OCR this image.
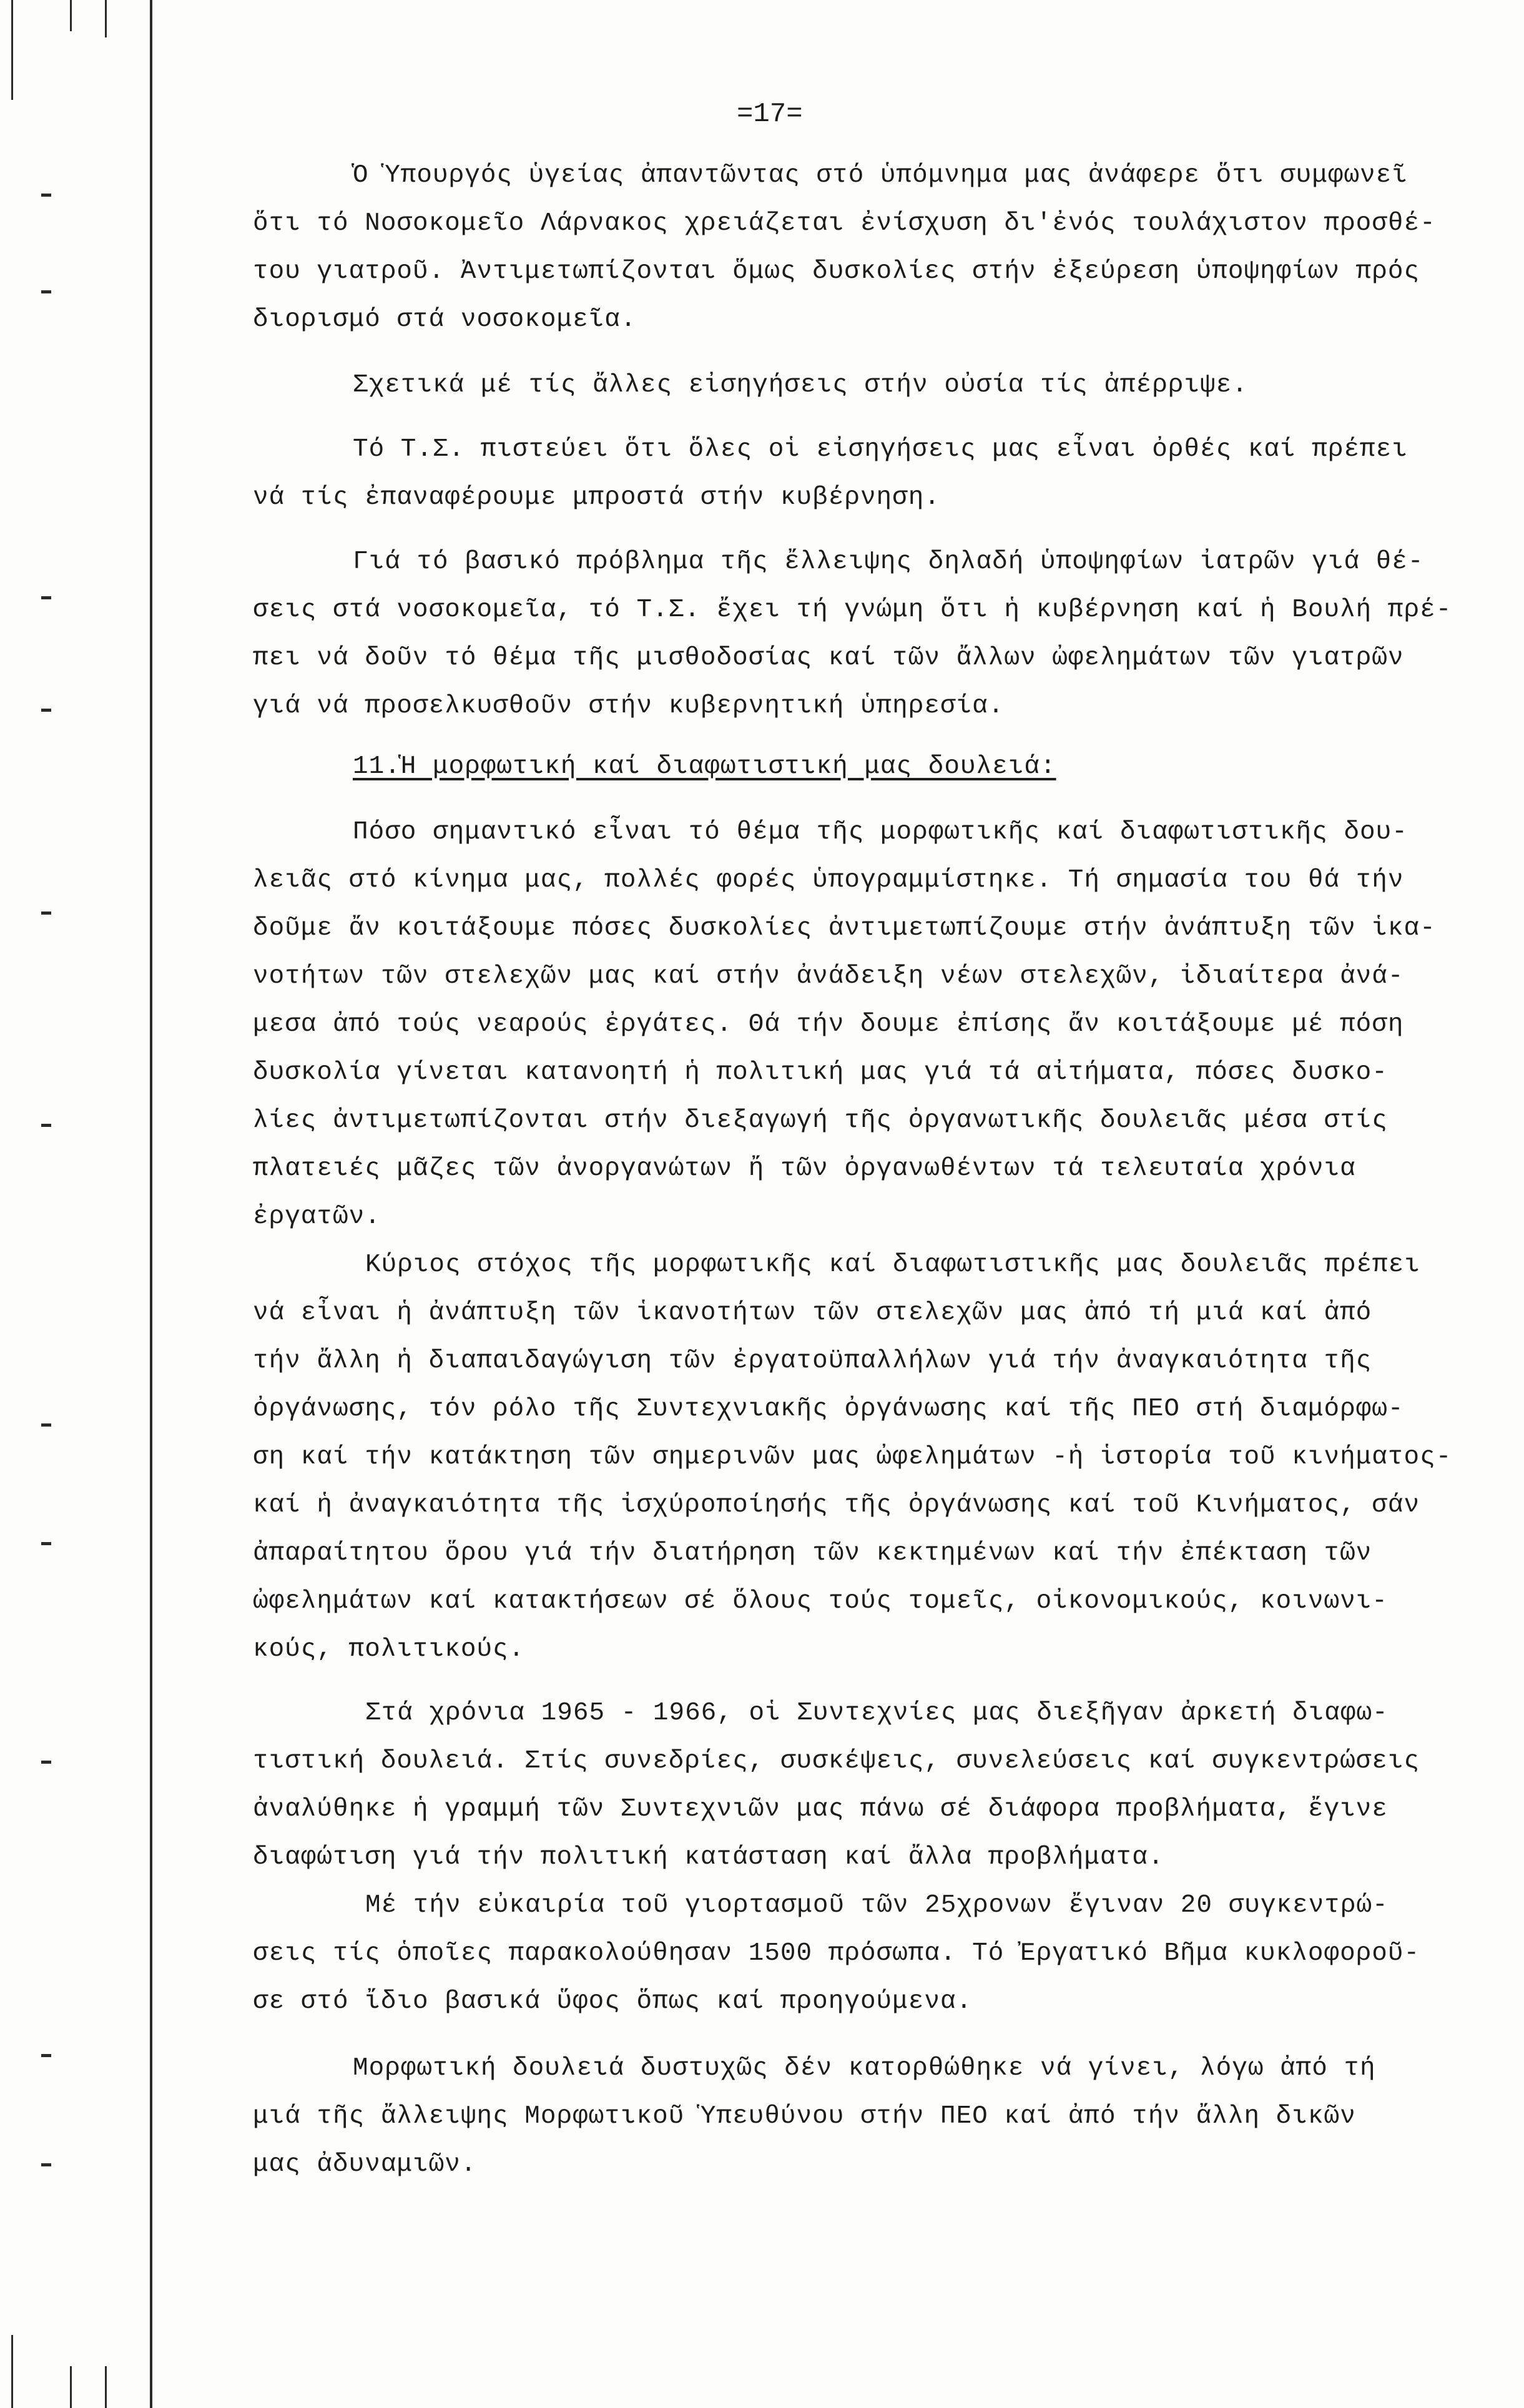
=17=
Ὁ Ὑπουργός ὑγείας ἀπαντῶντας στό ὑπόμνημα μας ἀνάφερε ὅτι συμφωνεῖ
ὅτι τό Νοσοκομεῖο Λάρνακος χρειάζεται ἐνίσχυση δι'ἐνός τουλάχιστον προσθέ-
του γιατροῦ. Ἀντιμετωπίζονται ὅμως δυσκολίες στήν ἐξεύρεση ὑποψηφίων πρός
διορισμό στά νοσοκομεῖα.
Σχετικά μέ τίς ἄλλες εἰσηγήσεις στήν οὐσία τίς ἀπέρριψε.
Τό Τ.Σ. πιστεύει ὅτι ὅλες οἱ εἰσηγήσεις μας εἶναι ὀρθές καί πρέπει
νά τίς ἐπαναφέρουμε μπροστά στήν κυβέρνηση.
Γιά τό βασικό πρόβλημα τῆς ἔλλειψης δηλαδή ὑποψηφίων ἰατρῶν γιά θέ-
σεις στά νοσοκομεῖα, τό Τ.Σ. ἔχει τή γνώμη ὅτι ἡ κυβέρνηση καί ἡ Βουλή πρέ-
πει νά δοῦν τό θέμα τῆς μισθοδοσίας καί τῶν ἄλλων ὠφελημάτων τῶν γιατρῶν
γιά νά προσελκυσθοῦν στήν κυβερνητική ὑπηρεσία.
11.Ἡ μορφωτική καί διαφωτιστική μας δουλειά:
Πόσο σημαντικό εἶναι τό θέμα τῆς μορφωτικῆς καί διαφωτιστικῆς δου-
λειᾶς στό κίνημα μας, πολλές φορές ὑπογραμμίστηκε. Τή σημασία του θά τήν
δοῦμε ἄν κοιτάξουμε πόσες δυσκολίες ἀντιμετωπίζουμε στήν ἀνάπτυξη τῶν ἱκα-
νοτήτων τῶν στελεχῶν μας καί στήν ἀνάδειξη νέων στελεχῶν, ἰδιαίτερα ἀνά-
μεσα ἀπό τούς νεαρούς ἐργάτες. Θά τήν δουμε ἐπίσης ἄν κοιτάξουμε μέ πόση
δυσκολία γίνεται κατανοητή ἡ πολιτική μας γιά τά αἰτήματα, πόσες δυσκο-
λίες ἀντιμετωπίζονται στήν διεξαγωγή τῆς ὀργανωτικῆς δουλειᾶς μέσα στίς
πλατειές μᾶζες τῶν ἀνοργανώτων ἤ τῶν ὀργανωθέντων τά τελευταία χρόνια
ἐργατῶν.
Κύριος στόχος τῆς μορφωτικῆς καί διαφωτιστικῆς μας δουλειᾶς πρέπει
νά εἶναι ἡ ἀνάπτυξη τῶν ἱκανοτήτων τῶν στελεχῶν μας ἀπό τή μιά καί ἀπό
τήν ἄλλη ἡ διαπαιδαγώγιση τῶν ἐργατοϋπαλλήλων γιά τήν ἀναγκαιότητα τῆς
ὀργάνωσης, τόν ρόλο τῆς Συντεχνιακῆς ὀργάνωσης καί τῆς ΠΕΟ στή διαμόρφω-
ση καί τήν κατάκτηση τῶν σημερινῶν μας ὠφελημάτων -ἡ ἱστορία τοῦ κινήματος-
καί ἡ ἀναγκαιότητα τῆς ἰσχύροποίησής τῆς ὀργάνωσης καί τοῦ Κινήματος, σάν
ἀπαραίτητου ὅρου γιά τήν διατήρηση τῶν κεκτημένων καί τήν ἐπέκταση τῶν
ὠφελημάτων καί κατακτήσεων σέ ὅλους τούς τομεῖς, οἰκονομικούς, κοινωνι-
κούς, πολιτικούς.
Στά χρόνια 1965 - 1966, οἱ Συντεχνίες μας διεξῆγαν ἀρκετή διαφω-
τιστική δουλειά. Στίς συνεδρίες, συσκέψεις, συνελεύσεις καί συγκεντρώσεις
ἀναλύθηκε ἡ γραμμή τῶν Συντεχνιῶν μας πάνω σέ διάφορα προβλήματα, ἔγινε
διαφώτιση γιά τήν πολιτική κατάσταση καί ἄλλα προβλήματα.
Μέ τήν εὐκαιρία τοῦ γιορτασμοῦ τῶν 25χρονων ἔγιναν 20 συγκεντρώ-
σεις τίς ὁποῖες παρακολούθησαν 1500 πρόσωπα. Τό Ἐργατικό Βῆμα κυκλοφοροῦ-
σε στό ἴδιο βασικά ὕφος ὅπως καί προηγούμενα.
Μορφωτική δουλειά δυστυχῶς δέν κατορθώθηκε νά γίνει, λόγω ἀπό τή
μιά τῆς ἄλλειψης Μορφωτικοῦ Ὑπευθύνου στήν ΠΕΟ καί ἀπό τήν ἄλλη δικῶν
μας ἀδυναμιῶν.
